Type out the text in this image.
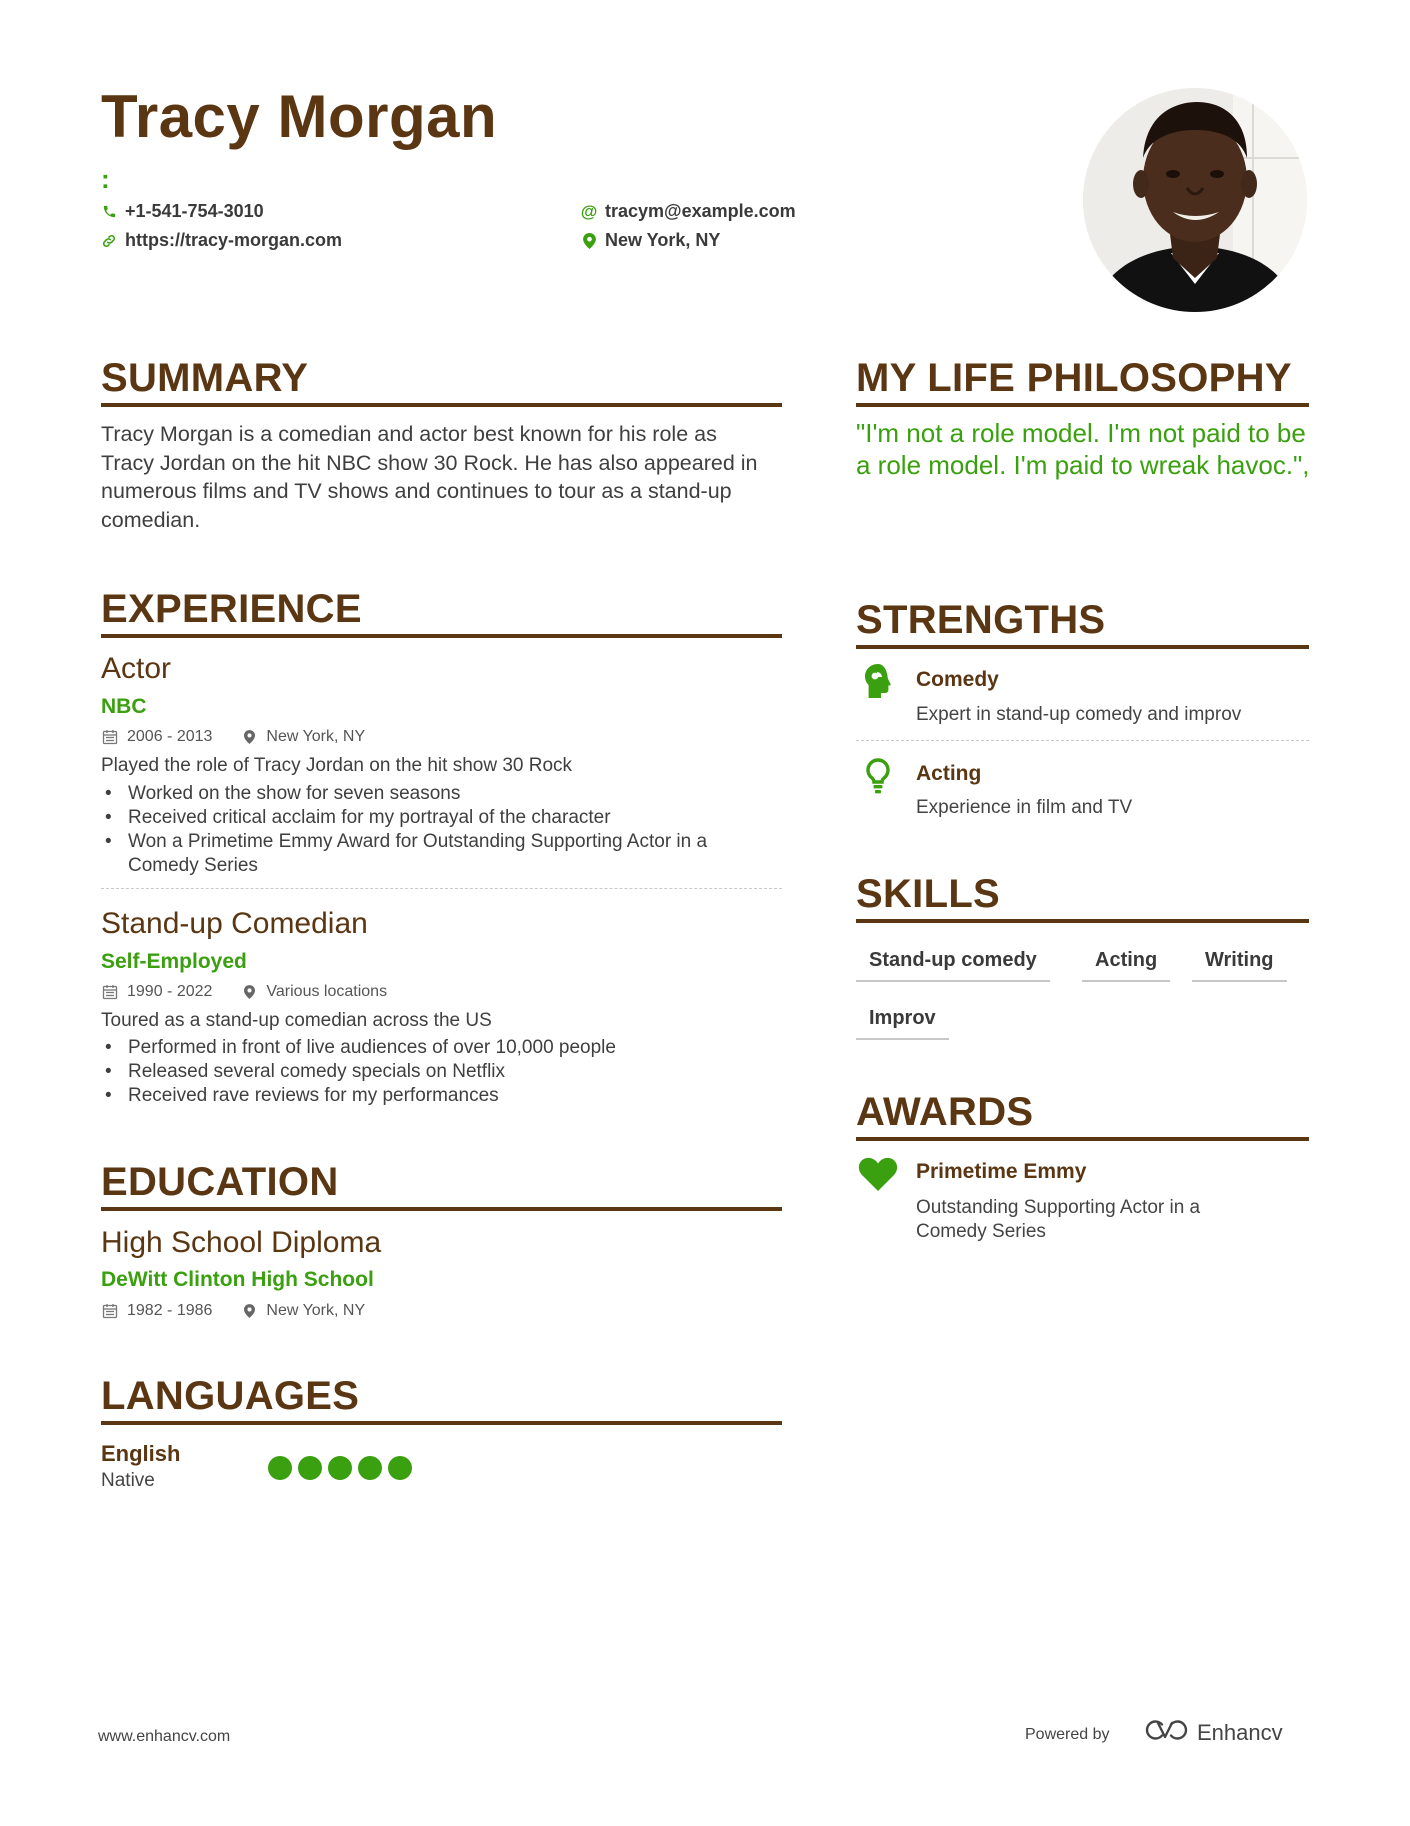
Tracy Morgan
:
+1-541-754-3010
https://tracy-morgan.com
@ tracym@example.com
New York, NY
SUMMARY
Tracy Morgan is a comedian and actor best known for his role as Tracy Jordan on the hit NBC show 30 Rock. He has also appeared in numerous films and TV shows and continues to tour as a stand-up comedian.
EXPERIENCE
Actor
NBC
2006 - 2013	New York, NY
Played the role of Tracy Jordan on the hit show 30 Rock
• Worked on the show for seven seasons
• Received critical acclaim for my portrayal of the character
• Won a Primetime Emmy Award for Outstanding Supporting Actor in a Comedy Series
Stand-up Comedian
Self-Employed
1990 - 2022	Various locations
Toured as a stand-up comedian across the US
• Performed in front of live audiences of over 10,000 people
• Released several comedy specials on Netflix
• Received rave reviews for my performances
EDUCATION
High School Diploma
DeWitt Clinton High School
1982 - 1986	New York, NY
LANGUAGES
English
Native
MY LIFE PHILOSOPHY
"I'm not a role model. I'm not paid to be a role model. I'm paid to wreak havoc.",
STRENGTHS
Comedy
Expert in stand-up comedy and improv
Acting
Experience in film and TV
SKILLS
Stand-up comedy	Acting	Writing
Improv
AWARDS
Primetime Emmy
Outstanding Supporting Actor in a Comedy Series
www.enhancv.com	Powered by	Enhancv
